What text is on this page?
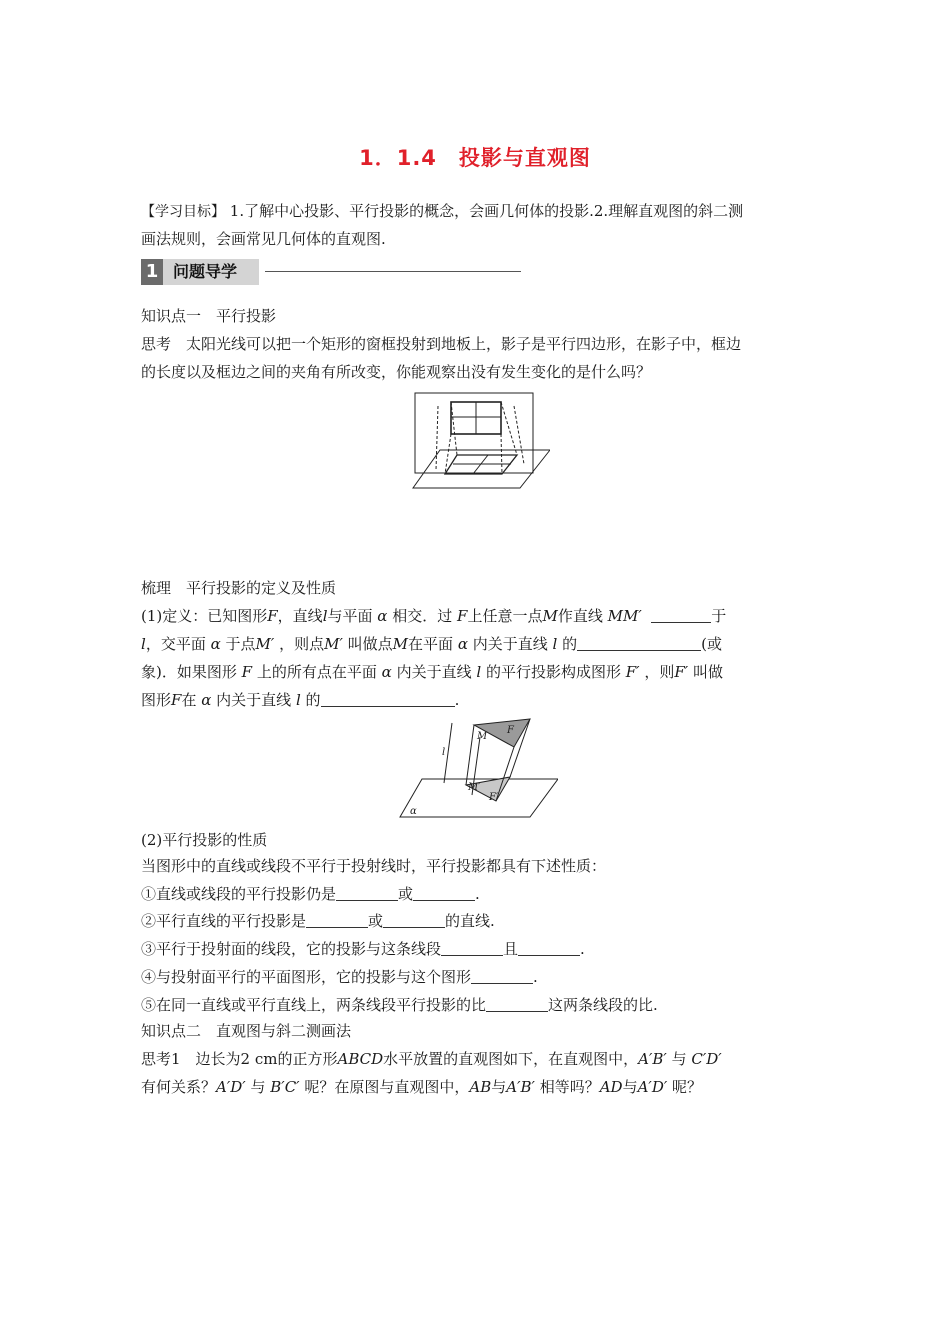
1．1.4　投影与直观图
【学习目标】 1.了解中心投影、平行投影的概念，会画几何体的投影.2.理解直观图的斜二测
画法规则，会画常见几何体的直观图.
1 问题导学
知识点一　平行投影
思考　太阳光线可以把一个矩形的窗框投射到地板上，影子是平行四边形，在影子中，框边
的长度以及框边之间的夹角有所改变，你能观察出没有发生变化的是什么吗？
梳理　平行投影的定义及性质
(1)定义：已知图形F，直线l与平面 α 相交．过 F上任意一点M作直线 MM′	于
l，交平面 α 于点M′ ，则点M′ 叫做点M在平面 α 内关于直线 l 的	(或
象)．如果图形 F 上的所有点在平面 α 内关于直线 l 的平行投影构成图形 F′ ，则F′ 叫做
图形F在 α 内关于直线 l 的	.
l
M
F
M′
F′
α
(2)平行投影的性质
当图形中的直线或线段不平行于投射线时，平行投影都具有下述性质：
①直线或线段的平行投影仍是	或	.
②平行直线的平行投影是	或	的直线.
③平行于投射面的线段，它的投影与这条线段	且	.
④与投射面平行的平面图形，它的投影与这个图形	.
⑤在同一直线或平行直线上，两条线段平行投影的比	这两条线段的比.
知识点二　直观图与斜二测画法
思考1　边长为2 cm的正方形ABCD水平放置的直观图如下，在直观图中，A′B′ 与 C′D′
有何关系？A′D′ 与 B′C′ 呢？在原图与直观图中，AB与A′B′ 相等吗？AD与A′D′ 呢？
